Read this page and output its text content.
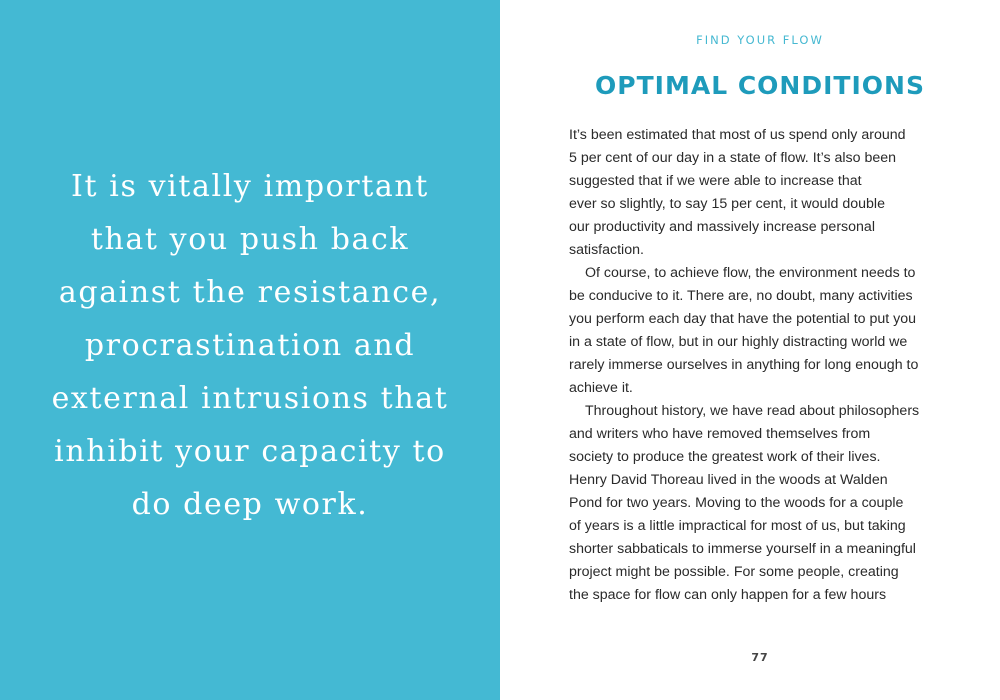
It is vitally important
that you push back
against the resistance,
procrastination and
external intrusions that
inhibit your capacity to
do deep work.

FIND YOUR FLOW

OPTIMAL CONDITIONS
It’s been estimated that most of us spend only around
5 per cent of our day in a state of flow. It’s also been
suggested that if we were able to increase that
ever so slightly, to say 15 per cent, it would double
our productivity and massively increase personal
satisfaction.
Of course, to achieve flow, the environment needs to
be conducive to it. There are, no doubt, many activities
you perform each day that have the potential to put you
in a state of flow, but in our highly distracting world we
rarely immerse ourselves in anything for long enough to
achieve it.
Throughout history, we have read about philosophers
and writers who have removed themselves from
society to produce the greatest work of their lives.
Henry David Thoreau lived in the woods at Walden
Pond for two years. Moving to the woods for a couple
of years is a little impractical for most of us, but taking
shorter sabbaticals to immerse yourself in a meaningful
project might be possible. For some people, creating
the space for flow can only happen for a few hours

77
